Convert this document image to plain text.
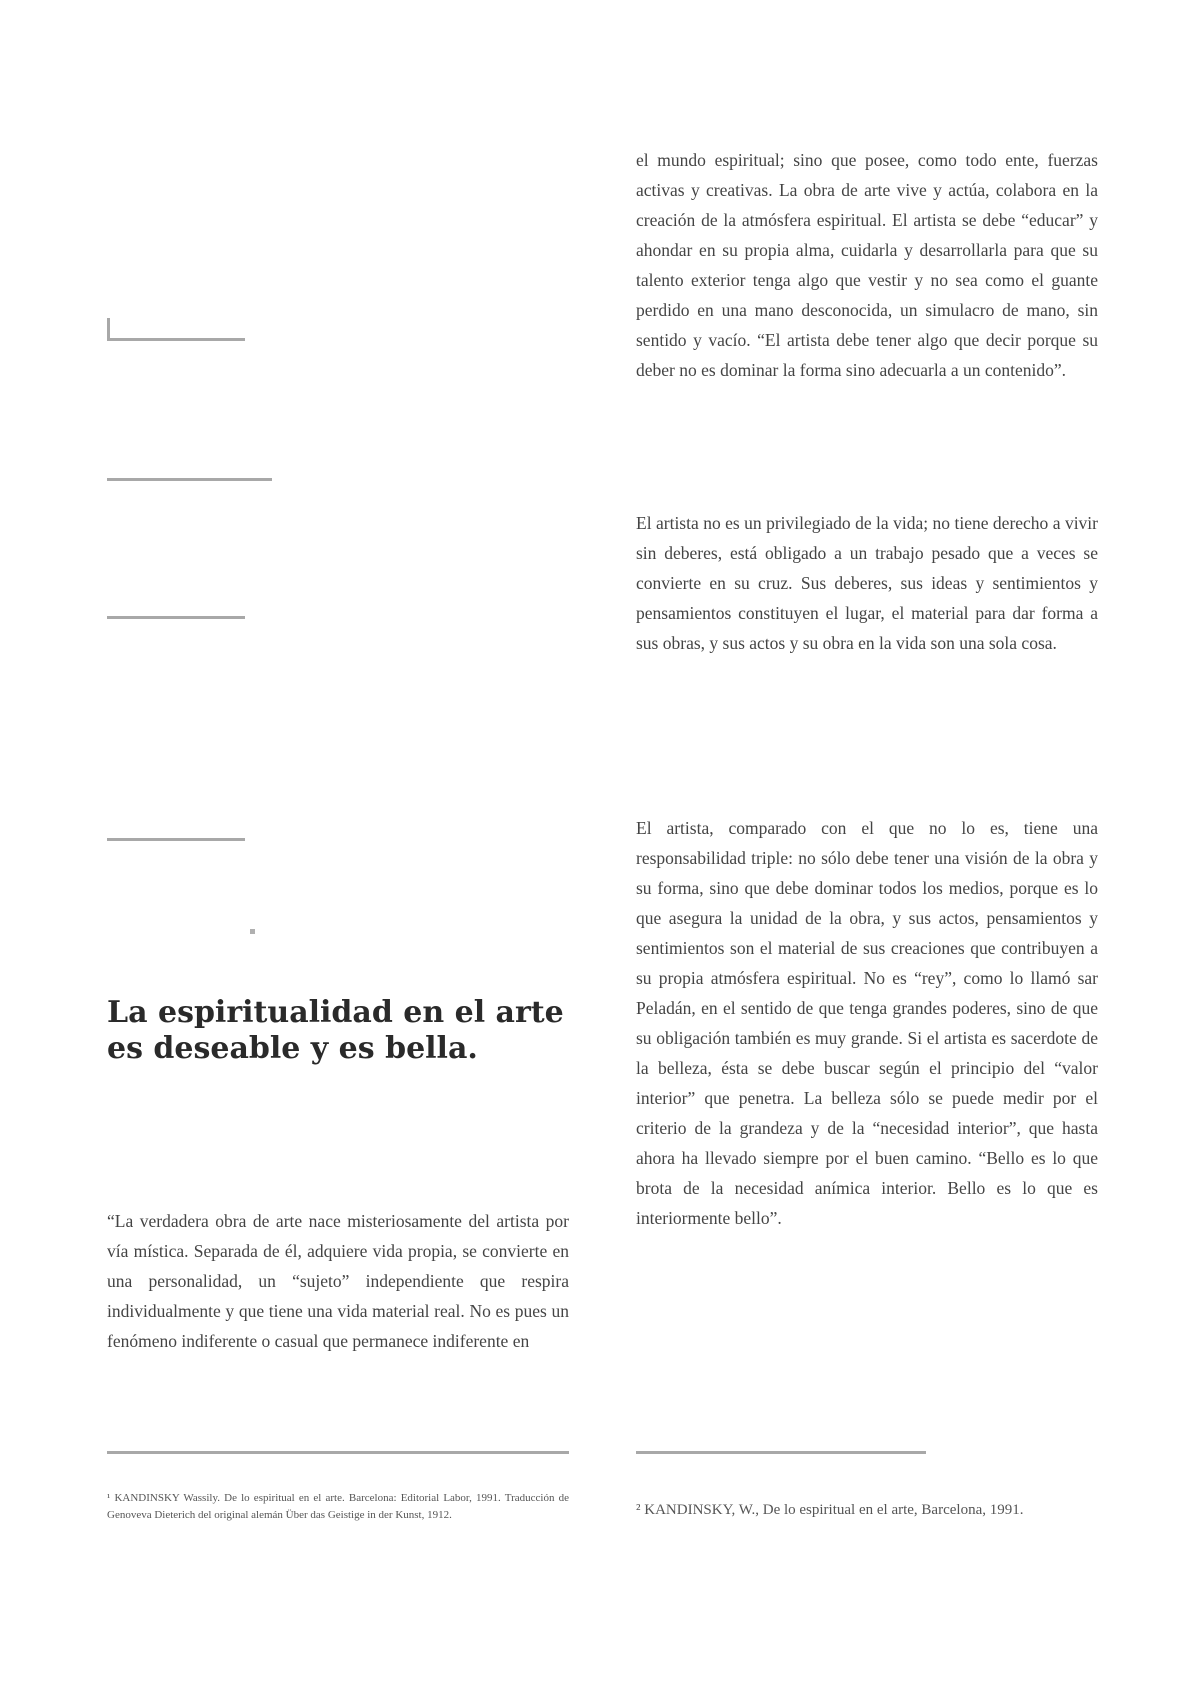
La espiritualidad en el arte es deseable y es bella.

“La verdadera obra de arte nace misteriosamente del artista por vía mística. Separada de él, adquiere vida propia, se convierte en una personalidad, un “sujeto” independiente que respira individualmente y que tiene una vida material real. No es pues un fenómeno indiferente o casual que permanece indiferente en

el mundo espiritual; sino que posee, como todo ente, fuerzas activas y creativas. La obra de arte vive y actúa, colabora en la creación de la atmósfera espiritual. El artista se debe “educar” y ahondar en su propia alma, cuidarla y desarrollarla para que su talento exterior tenga algo que vestir y no sea como el guante perdido en una mano desconocida, un simulacro de mano, sin sentido y vacío. “El artista debe tener algo que decir porque su deber no es dominar la forma sino adecuarla a un contenido”.

El artista no es un privilegiado de la vida; no tiene derecho a vivir sin deberes, está obligado a un trabajo pesado que a veces se convierte en su cruz. Sus deberes, sus ideas y sentimientos y pensamientos constituyen el lugar, el material para dar forma a sus obras, y sus actos y su obra en la vida son una sola cosa.

El artista, comparado con el que no lo es, tiene una responsabilidad triple: no sólo debe tener una visión de la obra y su forma, sino que debe dominar todos los medios, porque es lo que asegura la unidad de la obra, y sus actos, pensamientos y sentimientos son el material de sus creaciones que contribuyen a su propia atmósfera espiritual. No es “rey”, como lo llamó sar Peladán, en el sentido de que tenga grandes poderes, sino de que su obligación también es muy grande. Si el artista es sacerdote de la belleza, ésta se debe buscar según el principio del “valor interior” que penetra. La belleza sólo se puede medir por el criterio de la grandeza y de la “necesidad interior”, que hasta ahora ha llevado siempre por el buen camino. “Bello es lo que brota de la necesidad anímica interior. Bello es lo que es interiormente bello”.

¹ KANDINSKY Wassily. De lo espiritual en el arte. Barcelona: Editorial Labor, 1991. Traducción de Genoveva Dieterich del original alemán Über das Geistige in der Kunst, 1912.	² KANDINSKY, W., De lo espiritual en el arte, Barcelona, 1991.
